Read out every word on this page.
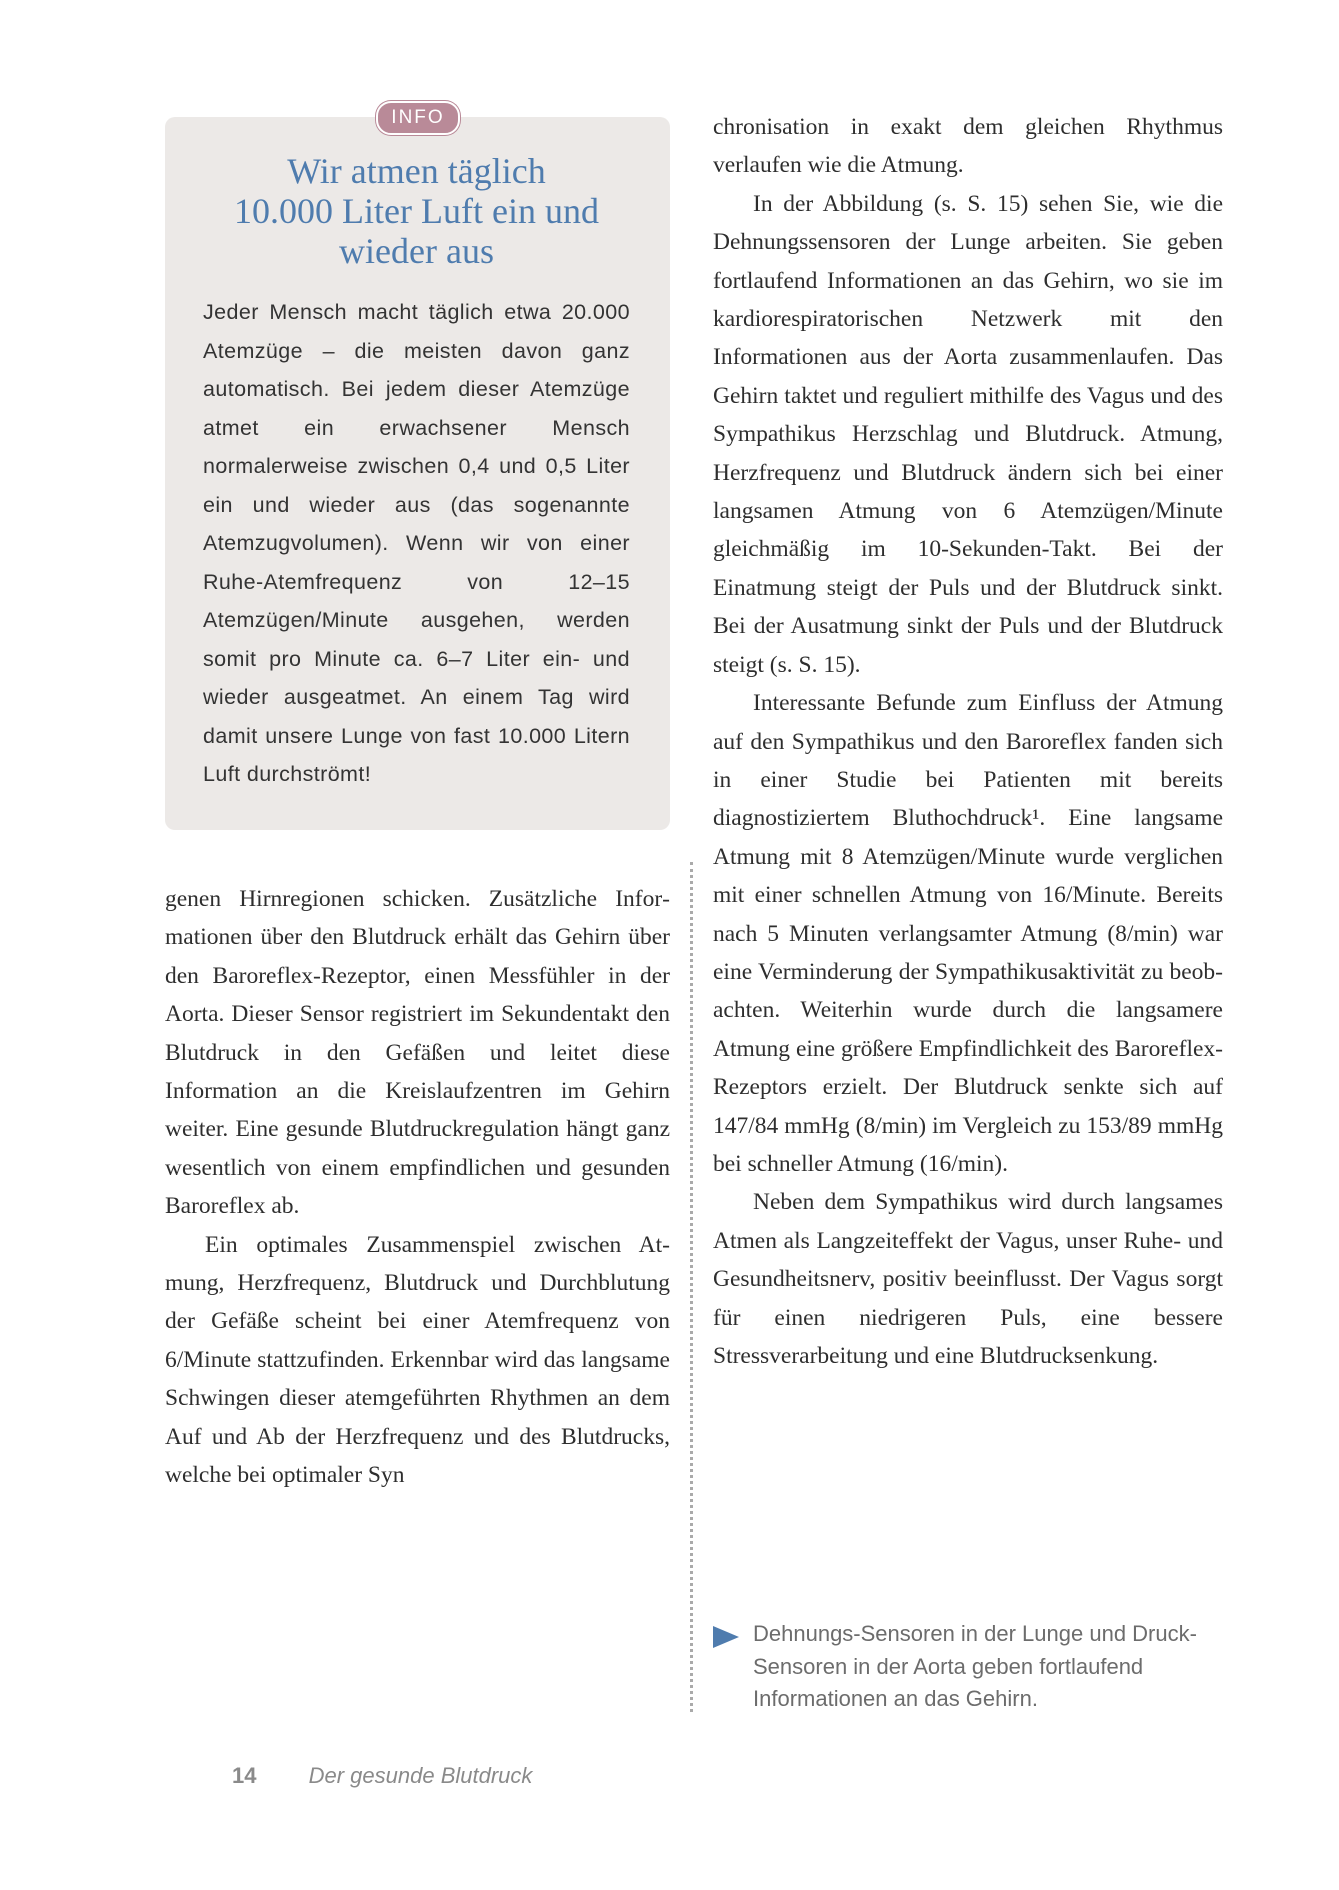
INFO
Wir atmen täglich
10.000 Liter Luft ein und
wieder aus

Jeder Mensch macht täglich etwa 20.000 Atemzüge – die meisten davon ganz automatisch. Bei jedem dieser Atemzüge atmet ein erwachsener Mensch normalerweise zwischen 0,4 und 0,5 Liter ein und wieder aus (das sogenannte Atemzugvolumen). Wenn wir von einer Ruhe-Atemfrequenz von 12–15 Atemzügen/Minute ausgehen, werden somit pro Minute ca. 6–7 Liter ein- und wieder ausgeatmet. An einem Tag wird damit unsere Lunge von fast 10.000 Litern Luft durchströmt!

genen Hirnregionen schicken. Zusätzliche Informationen über den Blutdruck erhält das Gehirn über den Baroreflex-Rezeptor, einen Messfühler in der Aorta. Dieser Sensor registriert im Sekundentakt den Blutdruck in den Gefäßen und leitet diese Information an die Kreislaufzentren im Gehirn weiter. Eine gesunde Blutdruckregulation hängt ganz wesentlich von einem empfindlichen und gesunden Baroreflex ab.

Ein optimales Zusammenspiel zwischen Atmung, Herzfrequenz, Blutdruck und Durchblutung der Gefäße scheint bei einer Atemfrequenz von 6/Minute stattzufinden. Erkennbar wird das langsame Schwingen dieser atemgeführten Rhythmen an dem Auf und Ab der Herzfrequenz und des Blutdrucks, welche bei optimaler Syn

chronisation in exakt dem gleichen Rhythmus verlaufen wie die Atmung.

In der Abbildung (s. S. 15) sehen Sie, wie die Dehnungssensoren der Lunge arbeiten. Sie geben fortlaufend Informationen an das Gehirn, wo sie im kardiorespiratorischen Netzwerk mit den Informationen aus der Aorta zusammenlaufen. Das Gehirn taktet und reguliert mithilfe des Vagus und des Sympathikus Herzschlag und Blutdruck. Atmung, Herzfrequenz und Blutdruck ändern sich bei einer langsamen Atmung von 6 Atemzügen/Minute gleichmäßig im 10-Sekunden-Takt. Bei der Einatmung steigt der Puls und der Blutdruck sinkt. Bei der Ausatmung sinkt der Puls und der Blutdruck steigt (s. S. 15).

Interessante Befunde zum Einfluss der Atmung auf den Sympathikus und den Baroreflex fanden sich in einer Studie bei Patienten mit bereits diagnostiziertem Bluthochdruck¹. Eine langsame Atmung mit 8 Atemzügen/Minute wurde verglichen mit einer schnellen Atmung von 16/Minute. Bereits nach 5 Minuten verlangsamter Atmung (8/min) war eine Verminderung der Sympathikusaktivität zu beobachten. Weiterhin wurde durch die langsamere Atmung eine größere Empfindlichkeit des Baroreflex-Rezeptors erzielt. Der Blutdruck senkte sich auf 147/84 mmHg (8/min) im Vergleich zu 153/89 mmHg bei schneller Atmung (16/min).

Neben dem Sympathikus wird durch langsames Atmen als Langzeiteffekt der Vagus, unser Ruhe- und Gesundheitsnerv, positiv beeinflusst. Der Vagus sorgt für einen niedrigeren Puls, eine bessere Stressverarbeitung und eine Blutdrucksenkung.

Dehnungs-Sensoren in der Lunge und Druck-Sensoren in der Aorta geben fortlaufend Informationen an das Gehirn.
14 Der gesunde Blutdruck
